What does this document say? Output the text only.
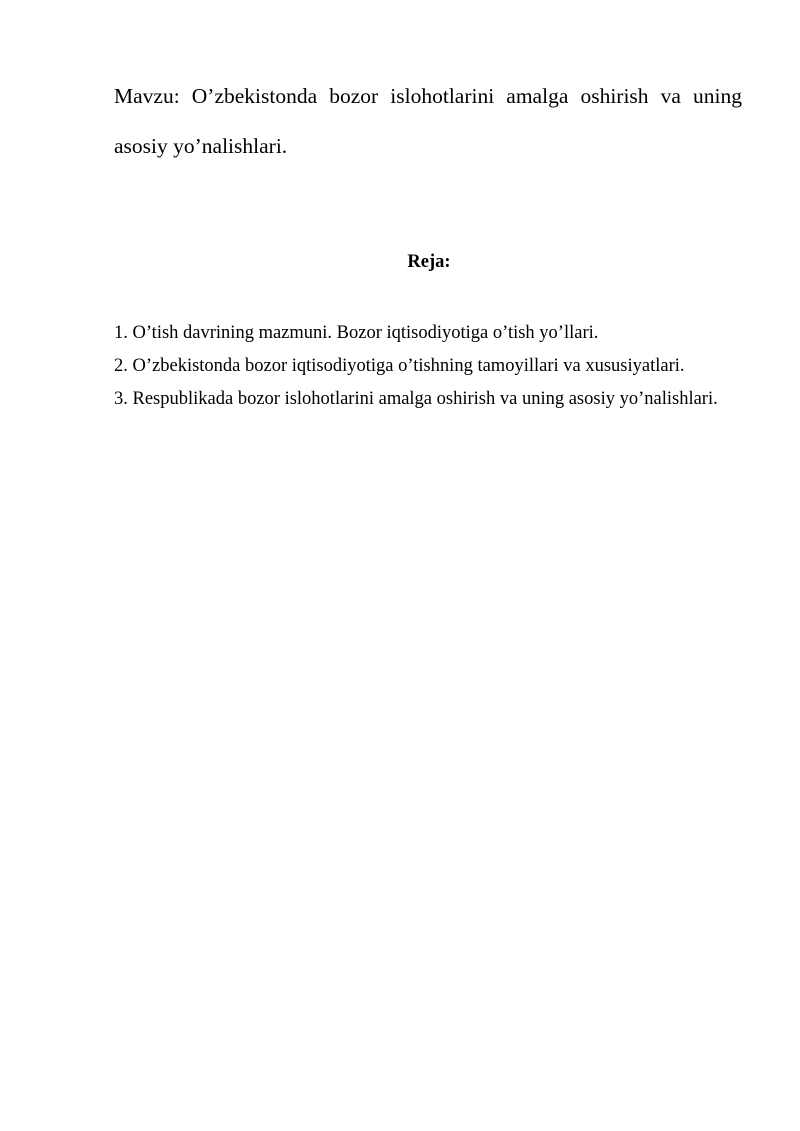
Mavzu: O’zbekistonda bozor islohotlarini amalga oshirish va uning asosiy yo’nalishlari.
Reja:
1. O’tish davrining mazmuni. Bozor iqtisodiyotiga o’tish yo’llari.
2. O’zbekistonda bozor iqtisodiyotiga o’tishning tamoyillari va xususiyatlari.
3. Respublikada bozor islohotlarini amalga oshirish va uning asosiy yo’nalishlari.
